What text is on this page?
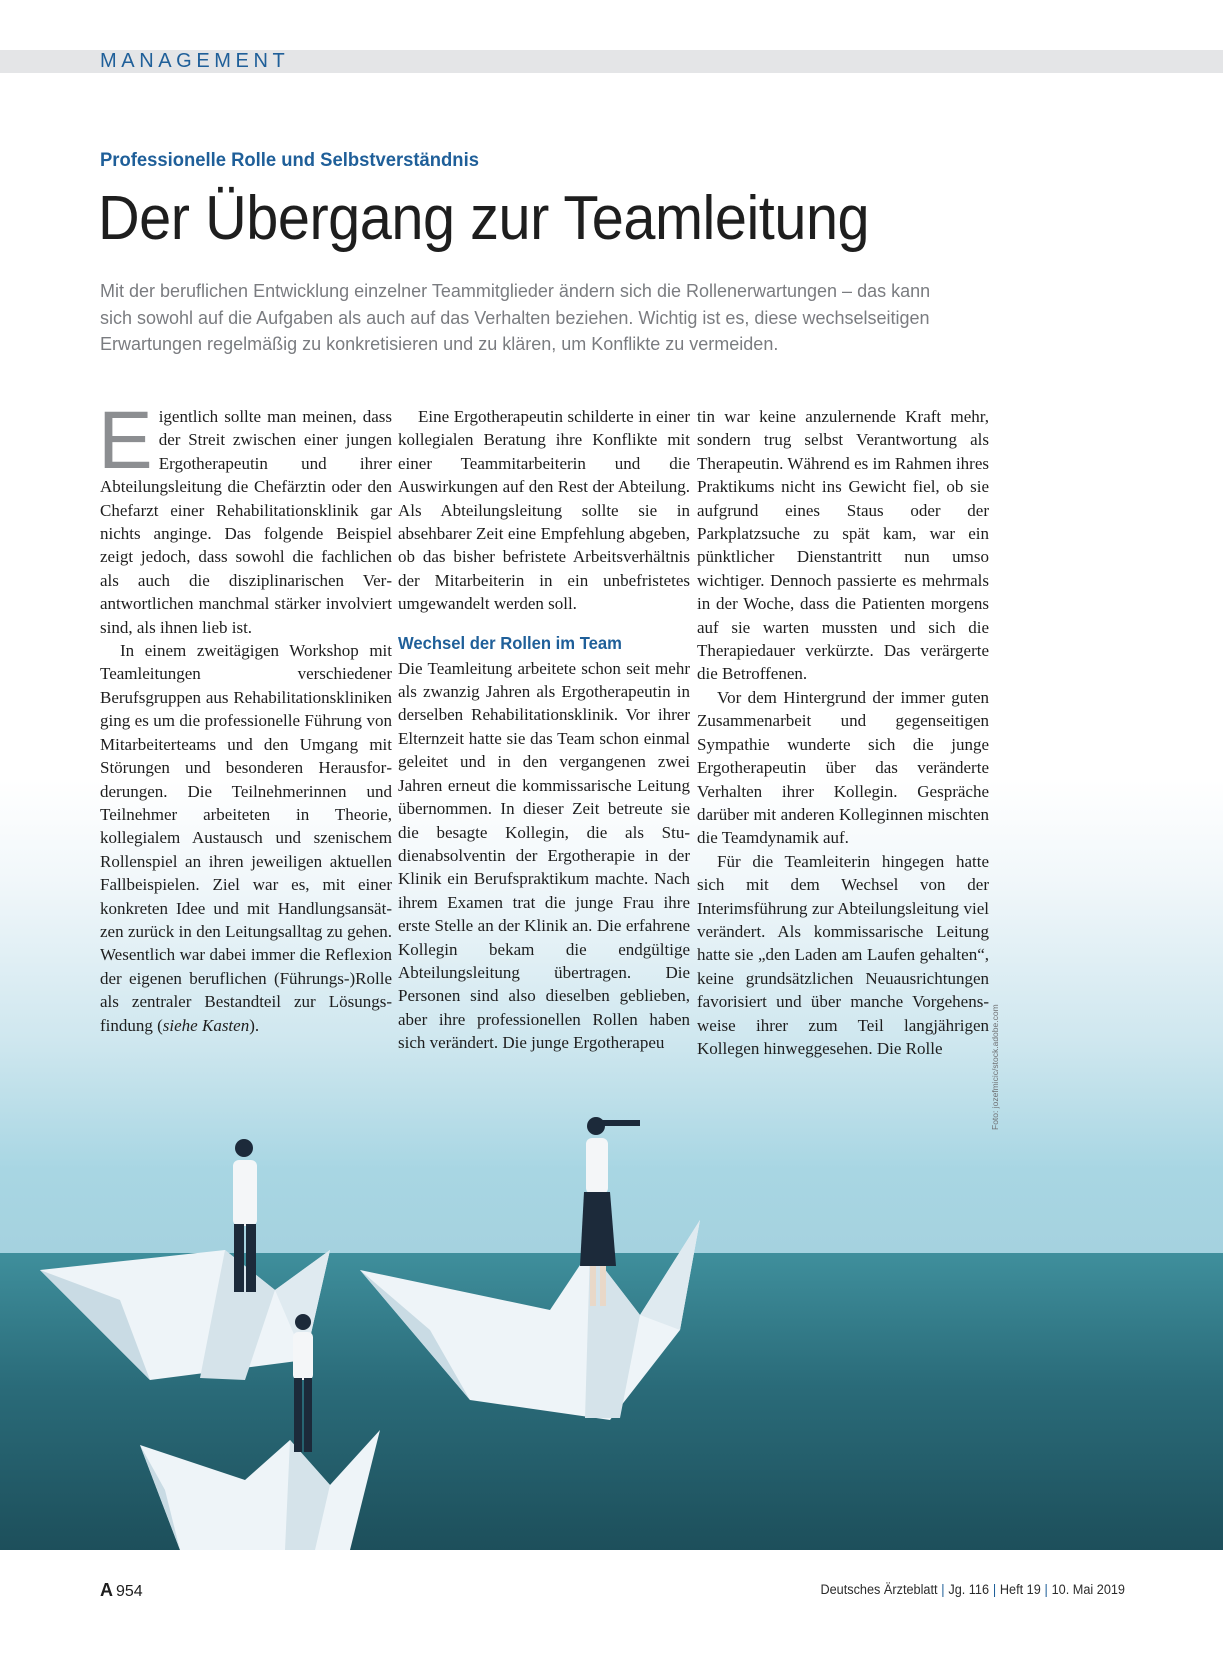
MANAGEMENT
Professionelle Rolle und Selbstverständnis
Der Übergang zur Teamleitung
Mit der beruflichen Entwicklung einzelner Teammitglieder ändern sich die Rollenerwartungen – das kann
sich sowohl auf die Aufgaben als auch auf das Verhalten beziehen. Wichtig ist es, diese wechselseitigen
Erwartungen regelmäßig zu konkretisieren und zu klären, um Konflikte zu vermeiden.

Eigentlich sollte man meinen, dass der Streit zwischen einer jungen Ergotherapeutin und ihrer Abteilungsleitung die Chefärztin oder den Chefarzt einer Rehabilitationsklinik gar nichts anginge. Das folgende Beispiel zeigt jedoch, dass sowohl die fachlichen als auch die disziplinarischen Verantwortlichen manchmal stärker involviert sind, als ihnen lieb ist.

In einem zweitägigen Workshop mit Teamleitungen verschiedener Berufsgruppen aus Rehabilitationskliniken ging es um die professionelle Führung von Mitarbeiterteams und den Umgang mit Störungen und besonderen Herausforderungen. Die Teilnehmerinnen und Teilnehmer arbeiteten in Theorie, kollegialem Austausch und szenischem Rollenspiel an ihren jeweiligen aktuellen Fallbeispielen. Ziel war es, mit einer konkreten Idee und mit Handlungsansätzen zurück in den Leitungsalltag zu gehen. Wesentlich war dabei immer die Reflexion der eigenen beruflichen (Führungs-)Rolle als zentraler Bestandteil zur Lösungsfindung (siehe Kasten).

Eine Ergotherapeutin schilderte in einer kollegialen Beratung ihre Konflikte mit einer Teammitarbeiterin und die Auswirkungen auf den Rest der Abteilung. Als Abteilungsleitung sollte sie in absehbarer Zeit eine Empfehlung abgeben, ob das bisher befristete Arbeitsverhältnis der Mitarbeiterin in ein unbefristetes umgewandelt werden soll.

Wechsel der Rollen im Team

Die Teamleitung arbeitete schon seit mehr als zwanzig Jahren als Ergotherapeutin in derselben Rehabilitationsklinik. Vor ihrer Elternzeit hatte sie das Team schon einmal geleitet und in den vergangenen zwei Jahren erneut die kommissarische Leitung übernommen. In dieser Zeit betreute sie die besagte Kollegin, die als Studienabsolventin der Ergotherapie in der Klinik ein Berufspraktikum machte. Nach ihrem Examen trat die junge Frau ihre erste Stelle an der Klinik an. Die erfahrene Kollegin bekam die endgültige Abteilungsleitung übertragen. Die Personen sind also dieselben geblieben, aber ihre professionellen Rollen haben sich verändert. Die junge Ergotherapeu

tin war keine anzulernende Kraft mehr, sondern trug selbst Verantwortung als Therapeutin. Während es im Rahmen ihres Praktikums nicht ins Gewicht fiel, ob sie aufgrund eines Staus oder der Parkplatzsuche zu spät kam, war ein pünktlicher Dienstantritt nun umso wichtiger. Dennoch passierte es mehrmals in der Woche, dass die Patienten morgens auf sie warten mussten und sich die Therapiedauer verkürzte. Das verärgerte die Betroffenen.

Vor dem Hintergrund der immer guten Zusammenarbeit und gegenseitigen Sympathie wunderte sich die junge Ergotherapeutin über das veränderte Verhalten ihrer Kollegin. Gespräche darüber mit anderen Kolleginnen mischten die Teamdynamik auf.

Für die Teamleiterin hingegen hatte sich mit dem Wechsel von der Interimsführung zur Abteilungsleitung viel verändert. Als kommissarische Leitung hatte sie „den Laden am Laufen gehalten“, keine grundsätzlichen Neuausrichtungen favorisiert und über manche Vorgehensweise ihrer zum Teil langjährigen Kollegen hinweggesehen. Die Rolle	Foto: jozefmicic/stock.adobe.com
A 954	Deutsches Ärzteblatt | Jg. 116 | Heft 19 | 10. Mai 2019
